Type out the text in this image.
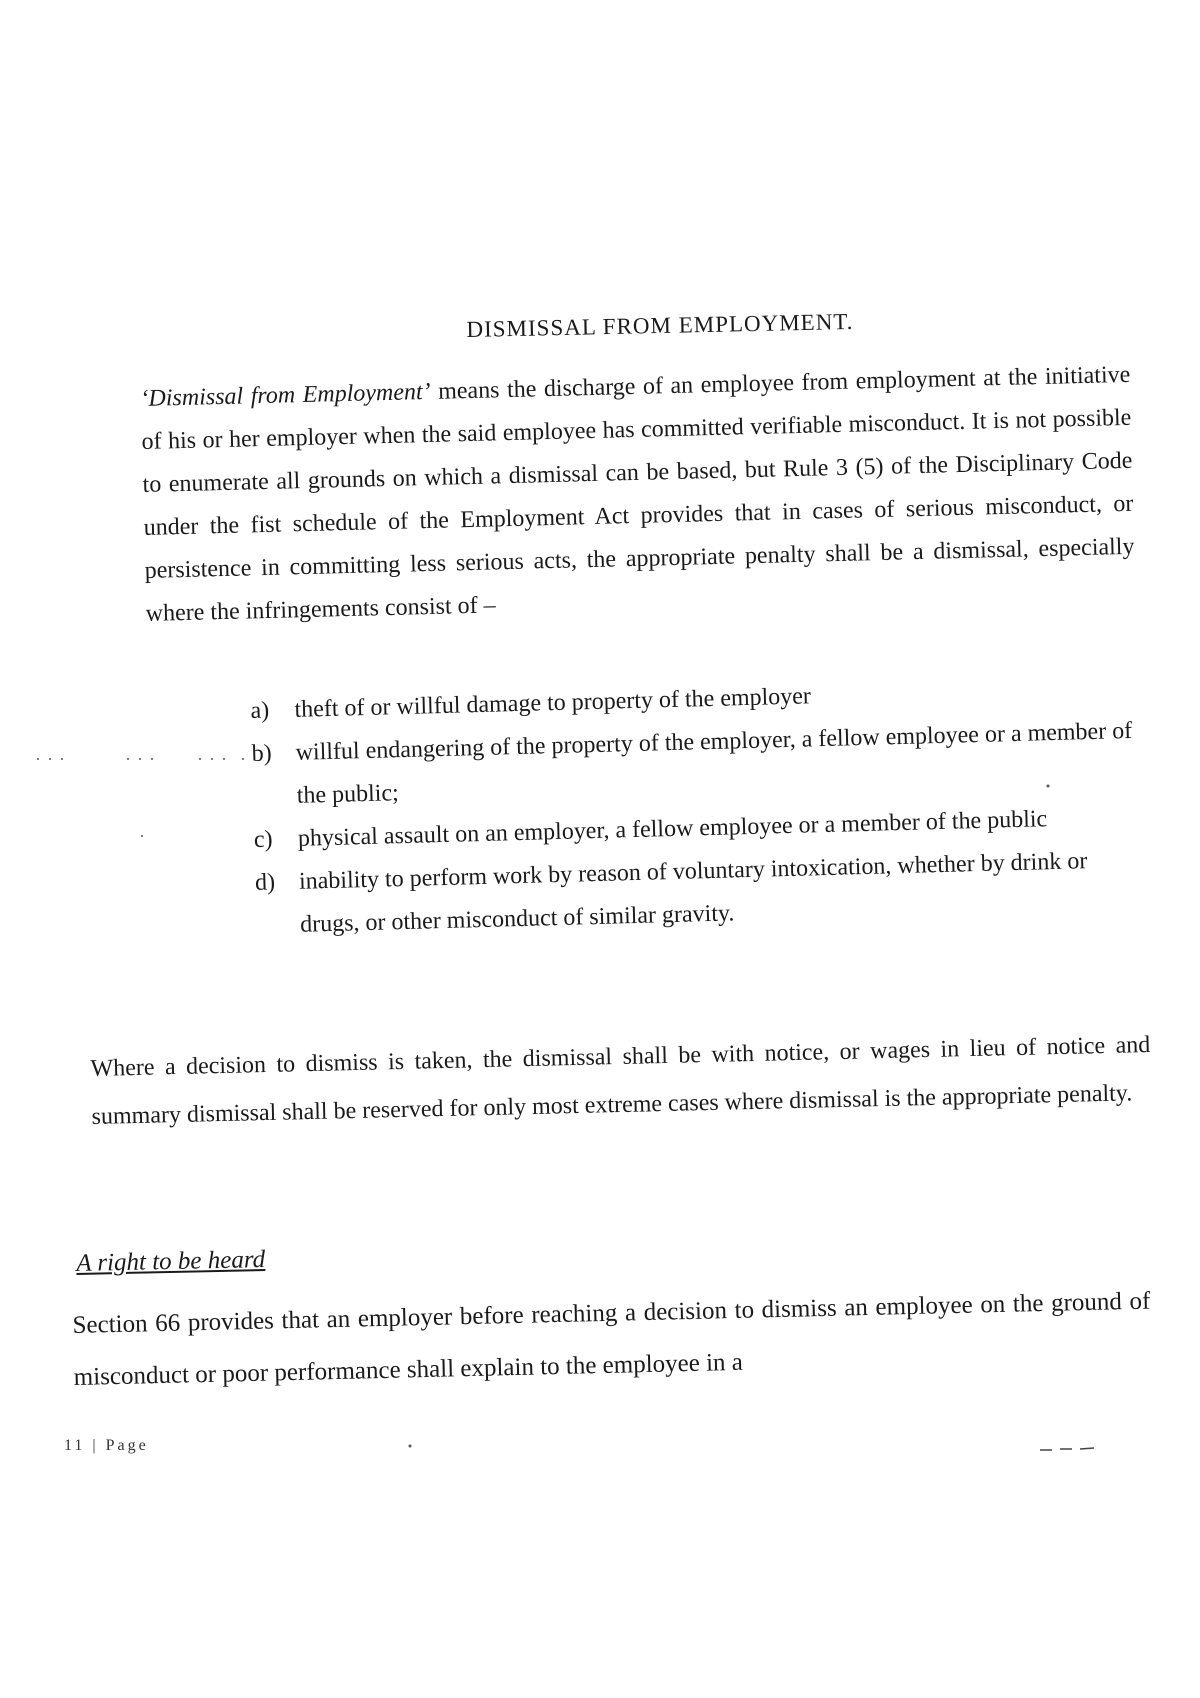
DISMISSAL FROM EMPLOYMENT.
‘Dismissal from Employment’ means the discharge of an employee from employment at the initiative of his or her employer when the said employee has committed verifiable misconduct. It is not possible to enumerate all grounds on which a dismissal can be based, but Rule 3 (5) of the Disciplinary Code under the fist schedule of the Employment Act provides that in cases of serious misconduct, or persistence in committing less serious acts, the appropriate penalty shall be a dismissal, especially where the infringements consist of –
a) theft of or willful damage to property of the employer
b) willful endangering of the property of the employer, a fellow employee or a member of the public;
c) physical assault on an employer, a fellow employee or a member of the public
d) inability to perform work by reason of voluntary intoxication, whether by drink or drugs, or other misconduct of similar gravity.
Where a decision to dismiss is taken, the dismissal shall be with notice, or wages in lieu of notice and summary dismissal shall be reserved for only most extreme cases where dismissal is the appropriate penalty.
A right to be heard
Section 66 provides that an employer before reaching a decision to dismiss an employee on the ground of misconduct or poor performance shall explain to the employee in a
11 | Page
